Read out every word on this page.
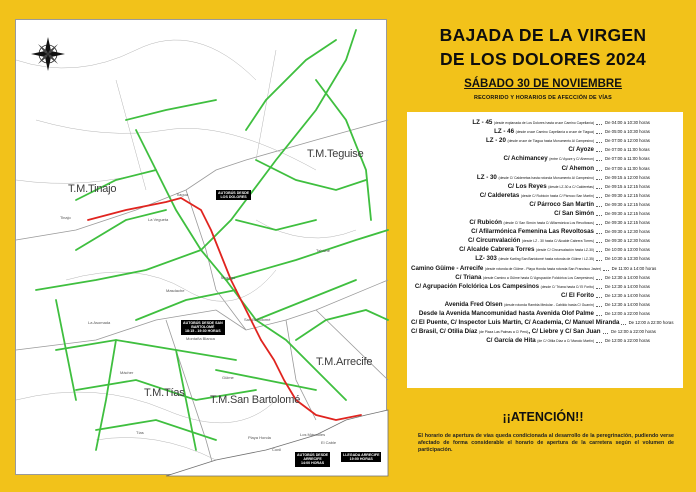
T.M.Teguise
T.M.Tinajo
T.M.Arrecife
T.M.Tías
T.M.San Bartolomé
Tiagua
La Vegueta
Tinajo
Mozaga
San Bartolomé
Tías
Güime
Playa Honda
Los Mármoles
Tahíche
Conil
La Asomada
Mácher
Masdache
El Cable
Montaña Blanca
AUTOBÚS DESDE
LOS DOLORES
AUTOBÚS DESDE SAN
BARTOLOMÉ
18:15 - 19:30 HORAS
AUTOBÚS DESDE
ARRECIFE
14:00 HORAS
LLEGADA ARRECIFE
19:00 HORAS
BAJADA DE LA VIRGEN
DE LOS DOLORES 2024
SÁBADO 30 DE NOVIEMBRE
RECORRIDO Y HORARIOS DE AFECCIÓN DE VÍAS
LZ - 45 (desde explanada de Los Dolores hasta cruce Camino Capellanía)	De 04:00 a 10:30 horas
LZ - 46 (desde cruce Camino Capellanía a cruce de Tiagua)	De 05:00 a 10:30 horas
LZ - 20 (desde cruce de Tiagua hasta Monumento Al Campesino)	De 07:00 a 12:00 horas
C/ Ayoze	De 07:00 a 11:00 horas
C/ Achimancey (entre C/ Ayoze y C/ Ahemon)	De 07:00 a 11:00 horas
C/ Ahemon	De 07:00 a 11:00 horas
LZ - 30 (desde C/ Calderetas hasta rotonda Monumento Al Campesino)	De 09:15 a 12:00 horas
C/ Los Reyes (desde LZ-30 a C/ Calderetas)	De 09:15 a 12:15 horas
C/ Calderetas (desde C/ Rubicón hasta C/ Párroco San Martín)	De 09:30 a 12:15 horas
C/ Párroco San Martín	De 09:30 a 12:15 horas
C/ San Simón	De 09:30 a 12:15 horas
C/ Rubicón (desde C/ San Simón hasta C/ Afilarmónica Los Revoltosos)	De 09:30 a 12:15 horas
C/ Afilarmónica Femenina Las Revoltosas	De 09:30 a 12:30 horas
C/ Circunvalación (desde LZ - 30 hasta C/ Alcalde Cabrera Torres)	De 09:30 a 12:30 horas
C/ Alcalde Cabrera Torres (desde C/ Circunvalación hasta LZ-30)	De 10:00 a 13:00 horas
LZ- 303 (desde Karting San Bartolomé hasta rotonda de Güime / LZ-35)	De 10:30 a 13:30 horas
Camino Güime - Arrecife (desde rotonda de Güime - Playa Honda hasta rotonda San Francisco Javier)	De 11:00 a 14:00 horas
C/ Triana (desde Camino a Güime hasta C/ Agrupación Folclórica Los Campesinos)	De 12:30 a 14:00 horas
C/ Agrupación Folclórica Los Campesinos (desde C/ Triana hasta C/ El Forito)	De 12:30 a 14:00 horas
C/ El Forito	De 12:30 a 14:00 horas
Avenida Fred Olsen (desde rotonda Rambla Medular - Cabildo hasta C/ Guanín)	De 12:30 a 14:00 horas
Desde la Avenida Mancomunidad hasta Avenida Olof Palme	De 12:00 a 22:00 horas
C/ El Puente, C/ Inspector Luis Martín, C/ Academia, C/ Manuel Miranda	De 12:00 a 22:00 horas
C/ Brasil, C/ Otilia Díaz (de Plaza Las Palmas a C/ Perú), C/ Liebre y C/ San Juan	De 12:00 a 22:00 horas
C/ García de Hita (de C/ Otilia Díaz a C/ Manolo Martín)	De 12:00 a 22:00 horas
¡¡ATENCIÓN!!
El horario de apertura de vías queda condicionada al desarrollo de la peregrinación, pudiendo verse afectado de forma considerable el horario de apertura de la carretera según el volumen de participación.
